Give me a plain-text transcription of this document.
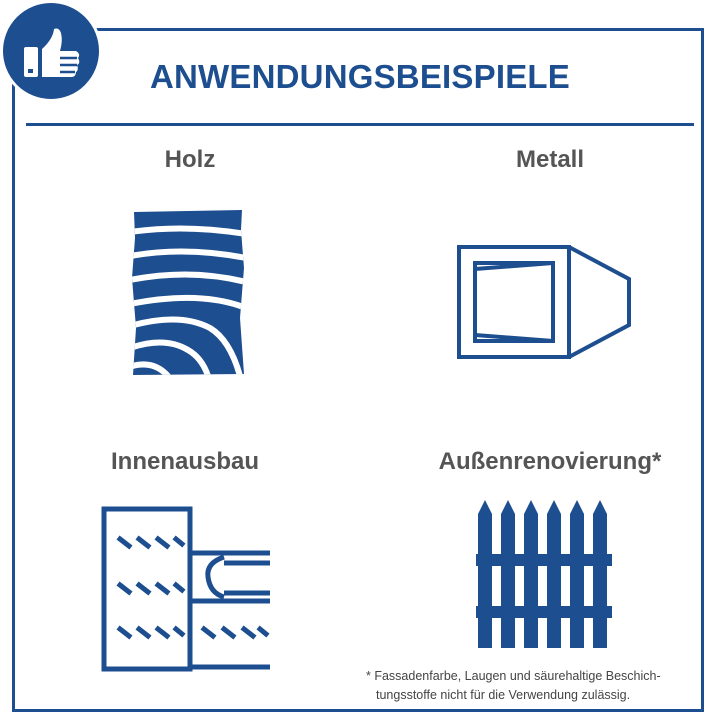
ANWENDUNGSBEISPIELE
Holz	Metall
Innenausbau	Außenrenovierung*
* Fassadenfarbe, Laugen und säurehaltige Beschich-
tungsstoffe nicht für die Verwendung zulässig.
